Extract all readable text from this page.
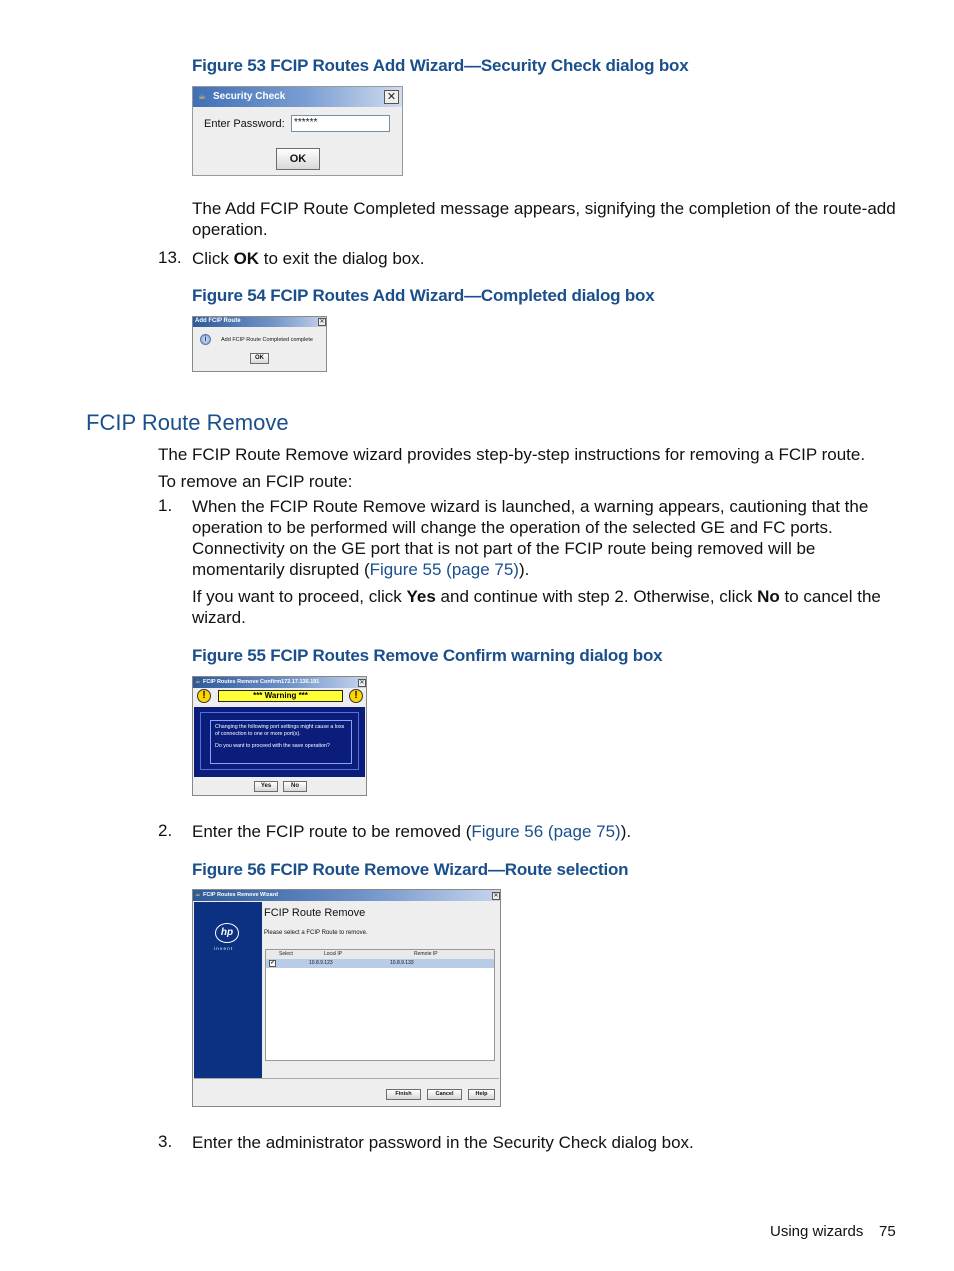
Figure 53 FCIP Routes Add Wizard—Security Check dialog box
☕ Security Check	✕
Enter Password: ******
OK
The Add FCIP Route Completed message appears, signifying the completion of the route-add operation.
13. Click OK to exit the dialog box.
Figure 54 FCIP Routes Add Wizard—Completed dialog box
Add FCIP Route	✕
i	Add FCIP Route Completed complete
OK
FCIP Route Remove
The FCIP Route Remove wizard provides step-by-step instructions for removing a FCIP route.
To remove an FCIP route:
1. When the FCIP Route Remove wizard is launched, a warning appears, cautioning that the operation to be performed will change the operation of the selected GE and FC ports. Connectivity on the GE port that is not part of the FCIP route being removed will be momentarily disrupted (Figure 55 (page 75)).
If you want to proceed, click Yes and continue with step 2. Otherwise, click No to cancel the wizard.
Figure 55 FCIP Routes Remove Confirm warning dialog box
☕ FCIP Routes Remove Confirm172.17.136.191	✕
!	*** Warning ***	!
Changing the following port settings might cause a loss of connection to one or more port(s).
Do you want to proceed with the save operation?
Yes	No
2. Enter the FCIP route to be removed (Figure 56 (page 75)).
Figure 56 FCIP Route Remove Wizard—Route selection
☕ FCIP Routes Remove Wizard	✕
hp
i n v e n t
FCIP Route Remove
Please select a FCIP Route to remove.
Select	Local IP	Remote IP
✔	10.8.9.123	10.8.9.133
Finish	Cancel	Help
3. Enter the administrator password in the Security Check dialog box.
Using wizards 75
